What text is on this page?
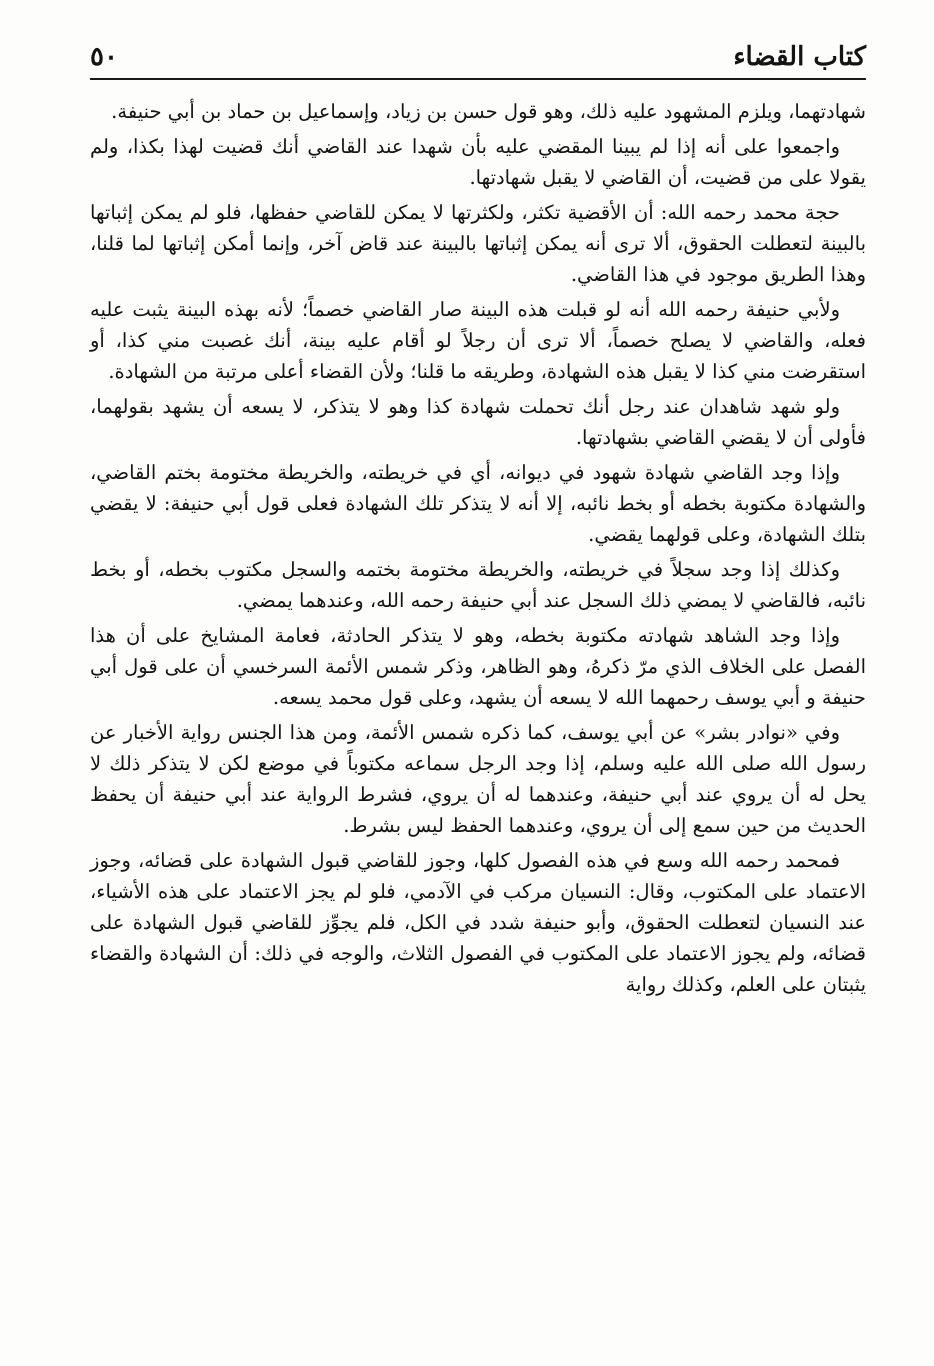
كتاب القضاء
٥٠

شهادتهما، ويلزم المشهود عليه ذلك، وهو قول حسن بن زياد، وإسماعيل بن حماد بن أبي حنيفة.

واجمعوا على أنه إذا لم يبينا المقضي عليه بأن شهدا عند القاضي أنك قضيت لهذا بكذا، ولم يقولا على من قضيت، أن القاضي لا يقبل شهادتها.

حجة محمد رحمه الله: أن الأقضية تكثر، ولكثرتها لا يمكن للقاضي حفظها، فلو لم يمكن إثباتها بالبينة لتعطلت الحقوق، ألا ترى أنه يمكن إثباتها بالبينة عند قاض آخر، وإنما أمكن إثباتها لما قلنا، وهذا الطريق موجود في هذا القاضي.

ولأبي حنيفة رحمه الله أنه لو قبلت هذه البينة صار القاضي خصماً؛ لأنه بهذه البينة يثبت عليه فعله، والقاضي لا يصلح خصماً، ألا ترى أن رجلاً لو أقام عليه بينة، أنك غصبت مني كذا، أو استقرضت مني كذا لا يقبل هذه الشهادة، وطريقه ما قلنا؛ ولأن القضاء أعلى مرتبة من الشهادة.

ولو شهد شاهدان عند رجل أنك تحملت شهادة كذا وهو لا يتذكر، لا يسعه أن يشهد بقولهما، فأولى أن لا يقضي القاضي بشهادتها.

وإذا وجد القاضي شهادة شهود في ديوانه، أي في خريطته، والخريطة مختومة بختم القاضي، والشهادة مكتوبة بخطه أو بخط نائبه، إلا أنه لا يتذكر تلك الشهادة فعلى قول أبي حنيفة: لا يقضي بتلك الشهادة، وعلى قولهما يقضي.

وكذلك إذا وجد سجلاً في خريطته، والخريطة مختومة بختمه والسجل مكتوب بخطه، أو بخط نائبه، فالقاضي لا يمضي ذلك السجل عند أبي حنيفة رحمه الله، وعندهما يمضي.

وإذا وجد الشاهد شهادته مكتوبة بخطه، وهو لا يتذكر الحادثة، فعامة المشايخ على أن هذا الفصل على الخلاف الذي مرّ ذكرهُ، وهو الظاهر، وذكر شمس الأئمة السرخسي أن على قول أبي حنيفة و أبي يوسف رحمهما الله لا يسعه أن يشهد، وعلى قول محمد يسعه.

وفي «نوادر بشر» عن أبي يوسف، كما ذكره شمس الأئمة، ومن هذا الجنس رواية الأخبار عن رسول الله صلى الله عليه وسلم، إذا وجد الرجل سماعه مكتوباً في موضع لكن لا يتذكر ذلك لا يحل له أن يروي عند أبي حنيفة، وعندهما له أن يروي، فشرط الرواية عند أبي حنيفة أن يحفظ الحديث من حين سمع إلى أن يروي، وعندهما الحفظ ليس بشرط.

فمحمد رحمه الله وسع في هذه الفصول كلها، وجوز للقاضي قبول الشهادة على قضائه، وجوز الاعتماد على المكتوب، وقال: النسيان مركب في الآدمي، فلو لم يجز الاعتماد على هذه الأشياء، عند النسيان لتعطلت الحقوق، وأبو حنيفة شدد في الكل، فلم يجوِّز للقاضي قبول الشهادة على قضائه، ولم يجوز الاعتماد على المكتوب في الفصول الثلاث، والوجه في ذلك: أن الشهادة والقضاء يثبتان على العلم، وكذلك رواية
